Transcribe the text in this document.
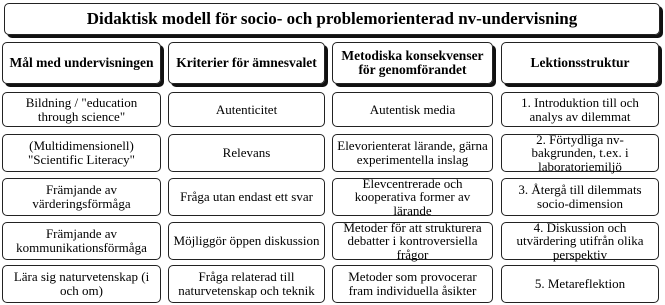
Didaktisk modell för socio- och problemorienterad nv-undervisning
Mål med undervisningen
Bildning / "education through science"
(Multidimensionell) "Scientific Literacy"
Främjande av värderingsförmåga
Främjande av kommunikationsförmåga
Lära sig naturvetenskap (i och om)
Kriterier för ämnesvalet
Autenticitet
Relevans
Fråga utan endast ett svar
Möjliggör öppen diskussion
Fråga relaterad till naturvetenskap och teknik
Metodiska konsekvenser för genomförandet
Autentisk media
Elevorienterat lärande, gärna experimentella inslag
Elevcentrerade och kooperativa former av lärande
Metoder för att strukturera debatter i kontroversiella frågor
Metoder som provocerar fram individuella åsikter
Lektionsstruktur
1. Introduktion till och analys av dilemmat
2. Förtydliga nv-bakgrunden, t.ex. i laboratoriemiljö
3. Återgå till dilemmats socio-dimension
4. Diskussion och utvärdering utifrån olika perspektiv
5. Metareflektion
